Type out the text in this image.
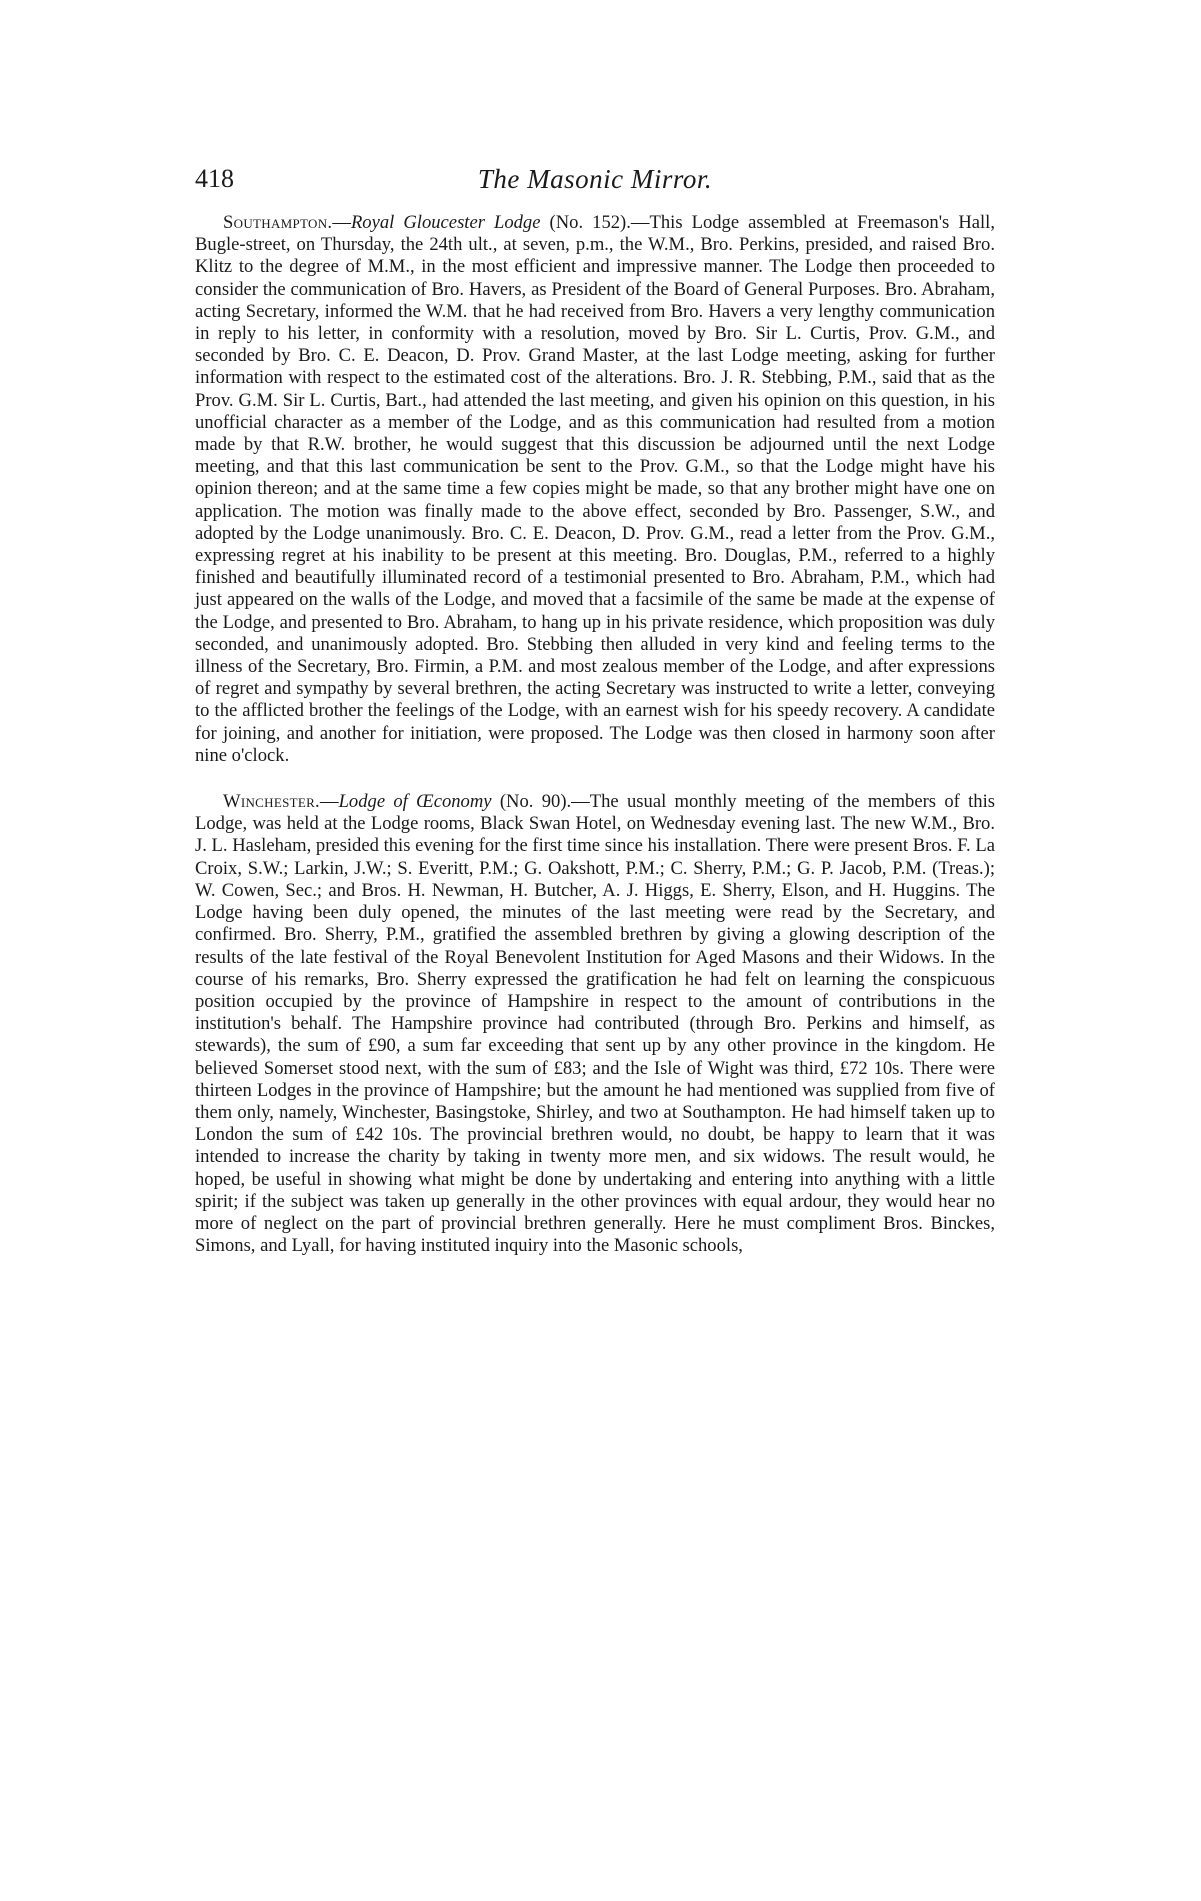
418	The Masonic Mirror.

Southampton.—Royal Gloucester Lodge (No. 152).—This Lodge assembled at Freemason's Hall, Bugle-street, on Thursday, the 24th ult., at seven, p.m., the W.M., Bro. Perkins, presided, and raised Bro. Klitz to the degree of M.M., in the most efficient and impressive manner. The Lodge then proceeded to consider the communication of Bro. Havers, as President of the Board of General Purposes. Bro. Abraham, acting Secretary, informed the W.M. that he had received from Bro. Havers a very lengthy communication in reply to his letter, in conformity with a resolution, moved by Bro. Sir L. Curtis, Prov. G.M., and seconded by Bro. C. E. Deacon, D. Prov. Grand Master, at the last Lodge meeting, asking for further information with respect to the estimated cost of the alterations. Bro. J. R. Stebbing, P.M., said that as the Prov. G.M. Sir L. Curtis, Bart., had attended the last meeting, and given his opinion on this question, in his unofficial character as a member of the Lodge, and as this communication had resulted from a motion made by that R.W. brother, he would suggest that this discussion be adjourned until the next Lodge meeting, and that this last communication be sent to the Prov. G.M., so that the Lodge might have his opinion thereon; and at the same time a few copies might be made, so that any brother might have one on application. The motion was finally made to the above effect, seconded by Bro. Passenger, S.W., and adopted by the Lodge unanimously. Bro. C. E. Deacon, D. Prov. G.M., read a letter from the Prov. G.M., expressing regret at his inability to be present at this meeting. Bro. Douglas, P.M., referred to a highly finished and beautifully illuminated record of a testimonial presented to Bro. Abraham, P.M., which had just appeared on the walls of the Lodge, and moved that a facsimile of the same be made at the expense of the Lodge, and presented to Bro. Abraham, to hang up in his private residence, which proposition was duly seconded, and unanimously adopted. Bro. Stebbing then alluded in very kind and feeling terms to the illness of the Secretary, Bro. Firmin, a P.M. and most zealous member of the Lodge, and after expressions of regret and sympathy by several brethren, the acting Secretary was instructed to write a letter, conveying to the afflicted brother the feelings of the Lodge, with an earnest wish for his speedy recovery. A candidate for joining, and another for initiation, were proposed. The Lodge was then closed in harmony soon after nine o'clock.

Winchester.—Lodge of Œconomy (No. 90).—The usual monthly meeting of the members of this Lodge, was held at the Lodge rooms, Black Swan Hotel, on Wednesday evening last. The new W.M., Bro. J. L. Hasleham, presided this evening for the first time since his installation. There were present Bros. F. La Croix, S.W.; Larkin, J.W.; S. Everitt, P.M.; G. Oakshott, P.M.; C. Sherry, P.M.; G. P. Jacob, P.M. (Treas.); W. Cowen, Sec.; and Bros. H. Newman, H. Butcher, A. J. Higgs, E. Sherry, Elson, and H. Huggins. The Lodge having been duly opened, the minutes of the last meeting were read by the Secretary, and confirmed. Bro. Sherry, P.M., gratified the assembled brethren by giving a glowing description of the results of the late festival of the Royal Benevolent Institution for Aged Masons and their Widows. In the course of his remarks, Bro. Sherry expressed the gratification he had felt on learning the conspicuous position occupied by the province of Hampshire in respect to the amount of contributions in the institution's behalf. The Hampshire province had contributed (through Bro. Perkins and himself, as stewards), the sum of £90, a sum far exceeding that sent up by any other province in the kingdom. He believed Somerset stood next, with the sum of £83; and the Isle of Wight was third, £72 10s. There were thirteen Lodges in the province of Hampshire; but the amount he had mentioned was supplied from five of them only, namely, Winchester, Basingstoke, Shirley, and two at Southampton. He had himself taken up to London the sum of £42 10s. The provincial brethren would, no doubt, be happy to learn that it was intended to increase the charity by taking in twenty more men, and six widows. The result would, he hoped, be useful in showing what might be done by undertaking and entering into anything with a little spirit; if the subject was taken up generally in the other provinces with equal ardour, they would hear no more of neglect on the part of provincial brethren generally. Here he must compliment Bros. Binckes, Simons, and Lyall, for having instituted inquiry into the Masonic schools,
